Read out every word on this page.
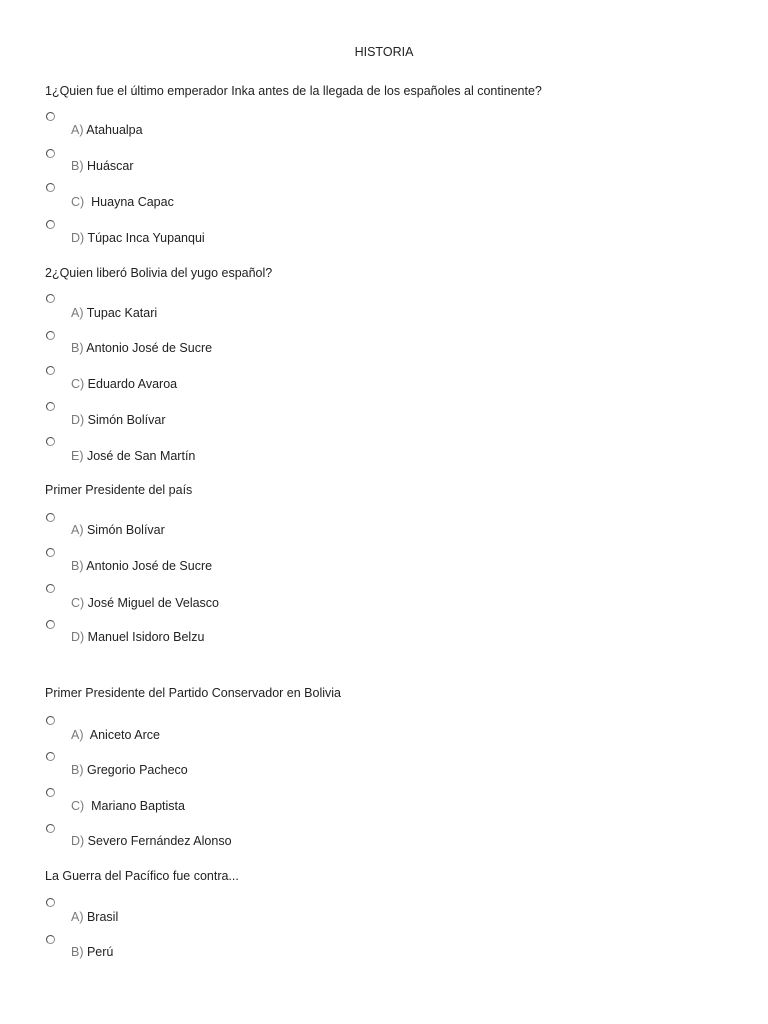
HISTORIA
1¿Quien fue el último emperador Inka antes de la llegada de los españoles al continente?
A) Atahualpa
B) Huáscar
C)  Huayna Capac
D) Túpac Inca Yupanqui
2¿Quien liberó Bolivia del yugo español?
A) Tupac Katari
B) Antonio José de Sucre
C) Eduardo Avaroa
D) Simón Bolívar
E) José de San Martín
Primer Presidente del país
A) Simón Bolívar
B) Antonio José de Sucre
C) José Miguel de Velasco
D) Manuel Isidoro Belzu
Primer Presidente del Partido Conservador en Bolivia
A)  Aniceto Arce
B) Gregorio Pacheco
C)  Mariano Baptista
D) Severo Fernández Alonso
La Guerra del Pacífico fue contra...
A) Brasil
B) Perú
